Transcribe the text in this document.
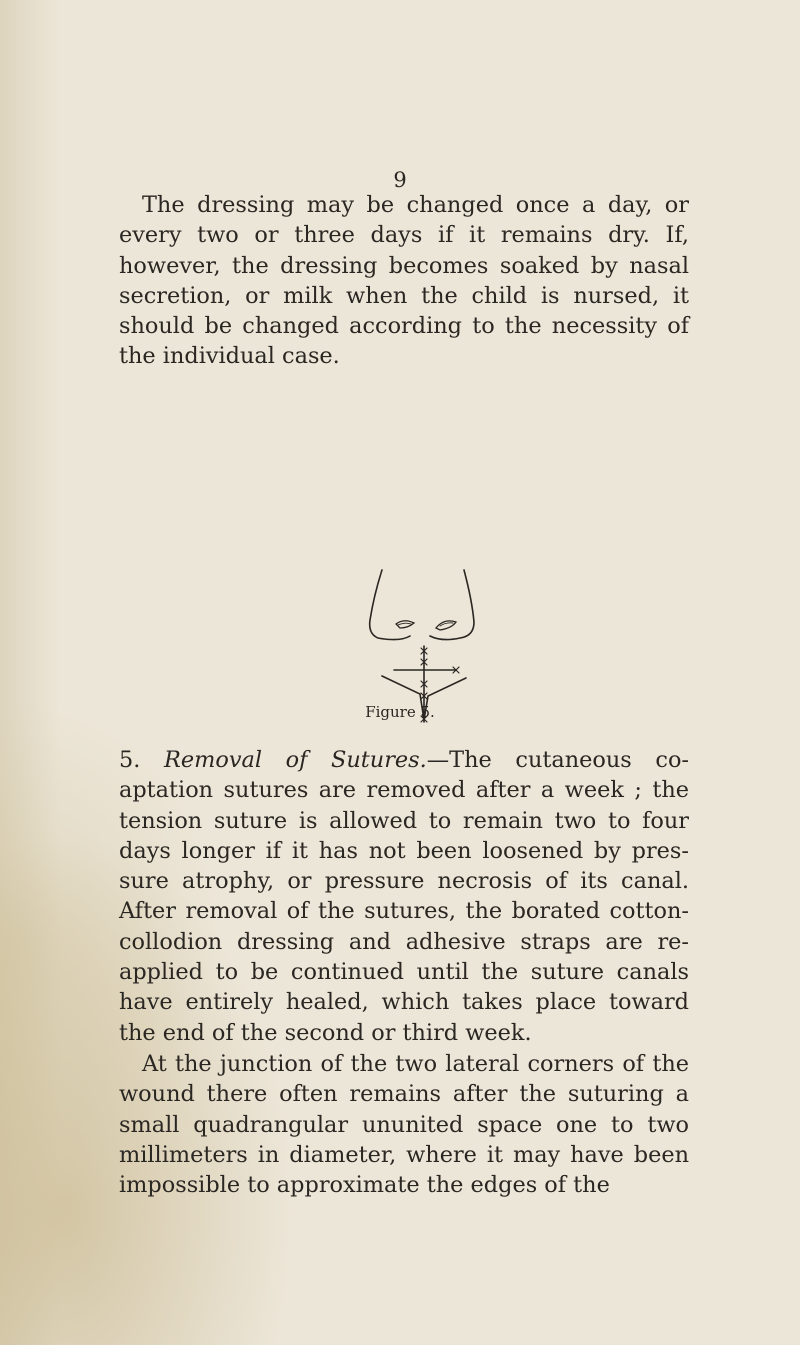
9

The dressing may be changed once a day, or every two or three days if it remains dry. If, however, the dressing becomes soaked by nasal secretion, or milk when the child is nursed, it should be changed according to the necessity of the individual case.

Figure 5.

5. Removal of Sutures.—The cutaneous co-aptation sutures are removed after a week ; the tension suture is allowed to remain two to four days longer if it has not been loosened by pres-sure atrophy, or pressure necrosis of its canal. After removal of the sutures, the borated cotton-collodion dressing and adhesive straps are re-applied to be continued until the suture canals have entirely healed, which takes place toward the end of the second or third week.

At the junction of the two lateral corners of the wound there often remains after the suturing a small quadrangular ununited space one to two millimeters in diameter, where it may have been impossible to approximate the edges of the
